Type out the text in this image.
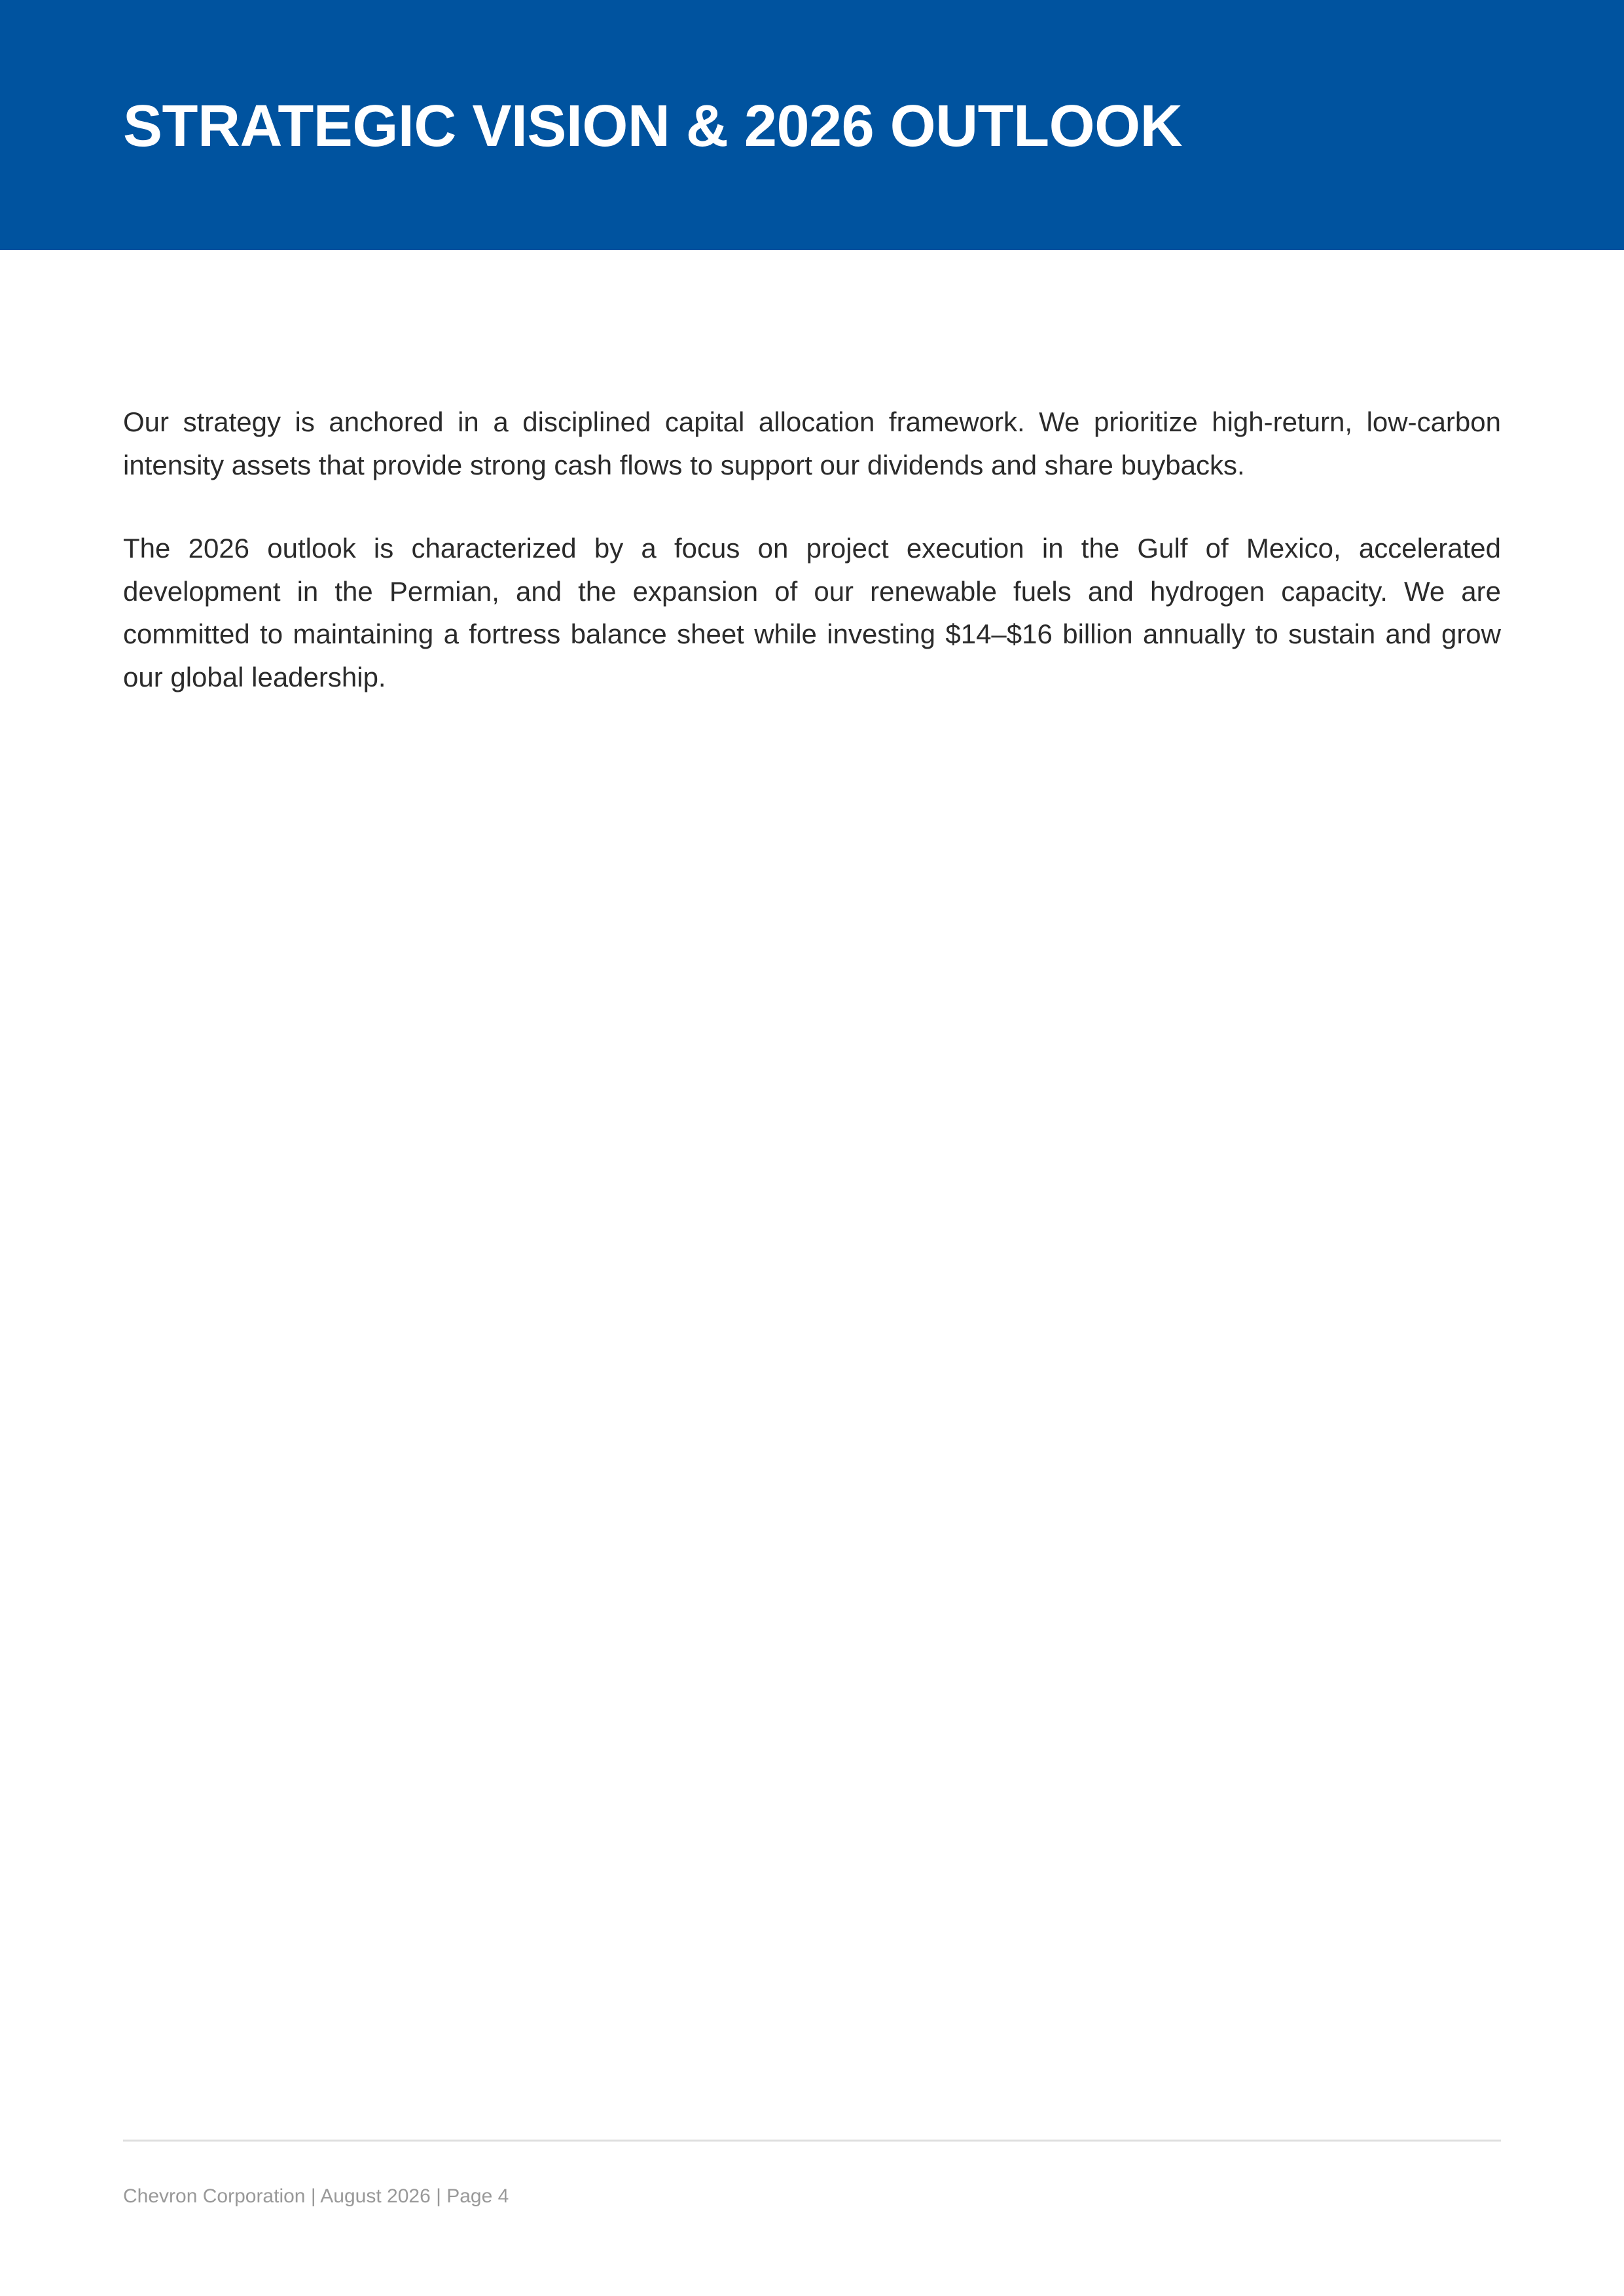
STRATEGIC VISION & 2026 OUTLOOK

Our strategy is anchored in a disciplined capital allocation framework. We prioritize high-return, low-carbon intensity assets that provide strong cash flows to support our dividends and share buybacks.

The 2026 outlook is characterized by a focus on project execution in the Gulf of Mexico, accelerated development in the Permian, and the expansion of our renewable fuels and hydrogen capacity. We are committed to maintaining a fortress balance sheet while investing $14–$16 billion annually to sustain and grow our global leadership.

Chevron Corporation | August 2026 | Page 4
